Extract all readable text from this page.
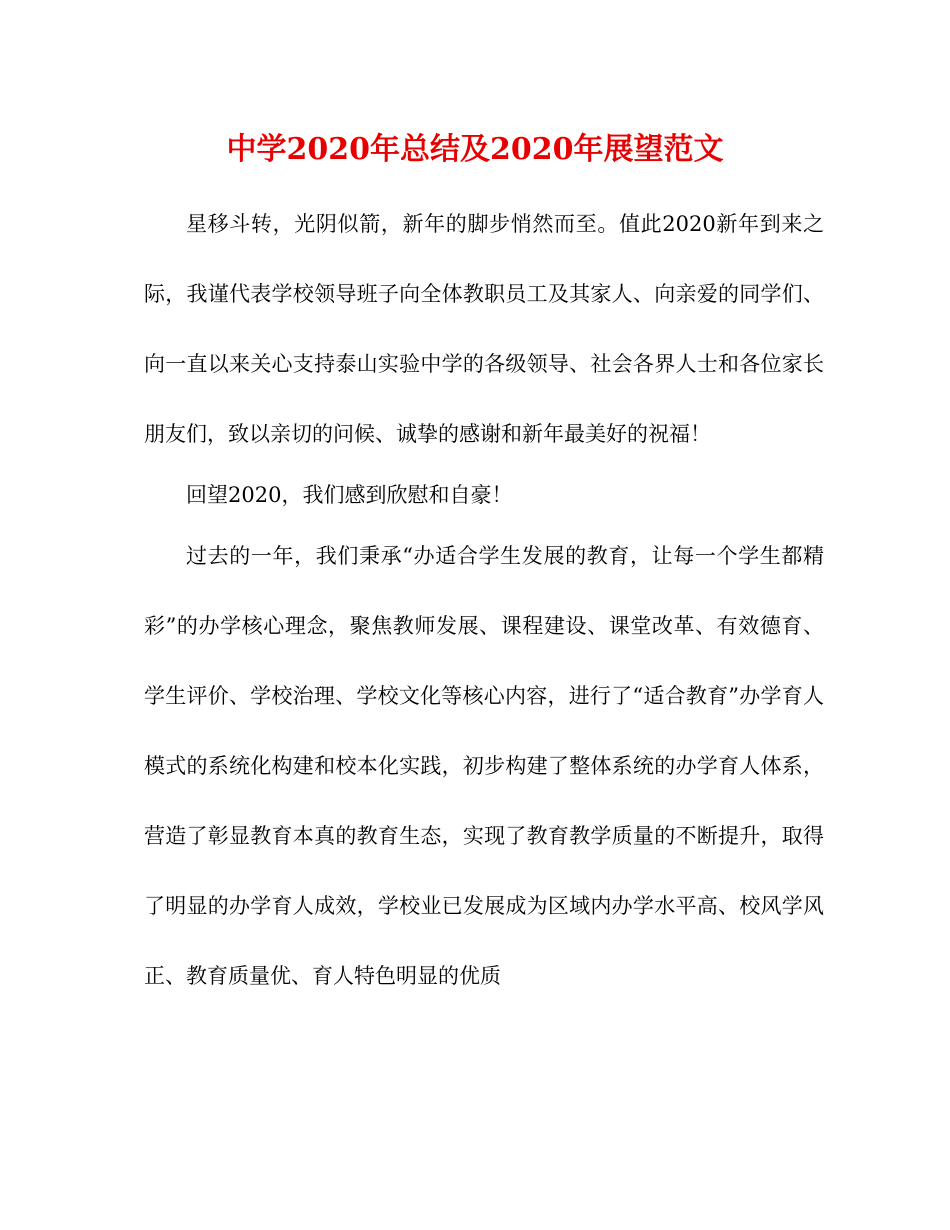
中学2020年总结及2020年展望范文

星移斗转，光阴似箭，新年的脚步悄然而至。值此2020新年到来之际，我谨代表学校领导班子向全体教职员工及其家人、向亲爱的同学们、向一直以来关心支持泰山实验中学的各级领导、社会各界人士和各位家长朋友们，致以亲切的问候、诚挚的感谢和新年最美好的祝福！

回望2020，我们感到欣慰和自豪！

过去的一年，我们秉承“办适合学生发展的教育，让每一个学生都精彩”的办学核心理念，聚焦教师发展、课程建设、课堂改革、有效德育、学生评价、学校治理、学校文化等核心内容，进行了“适合教育”办学育人模式的系统化构建和校本化实践，初步构建了整体系统的办学育人体系，营造了彰显教育本真的教育生态，实现了教育教学质量的不断提升，取得了明显的办学育人成效，学校业已发展成为区域内办学水平高、校风学风正、教育质量优、育人特色明显的优质
